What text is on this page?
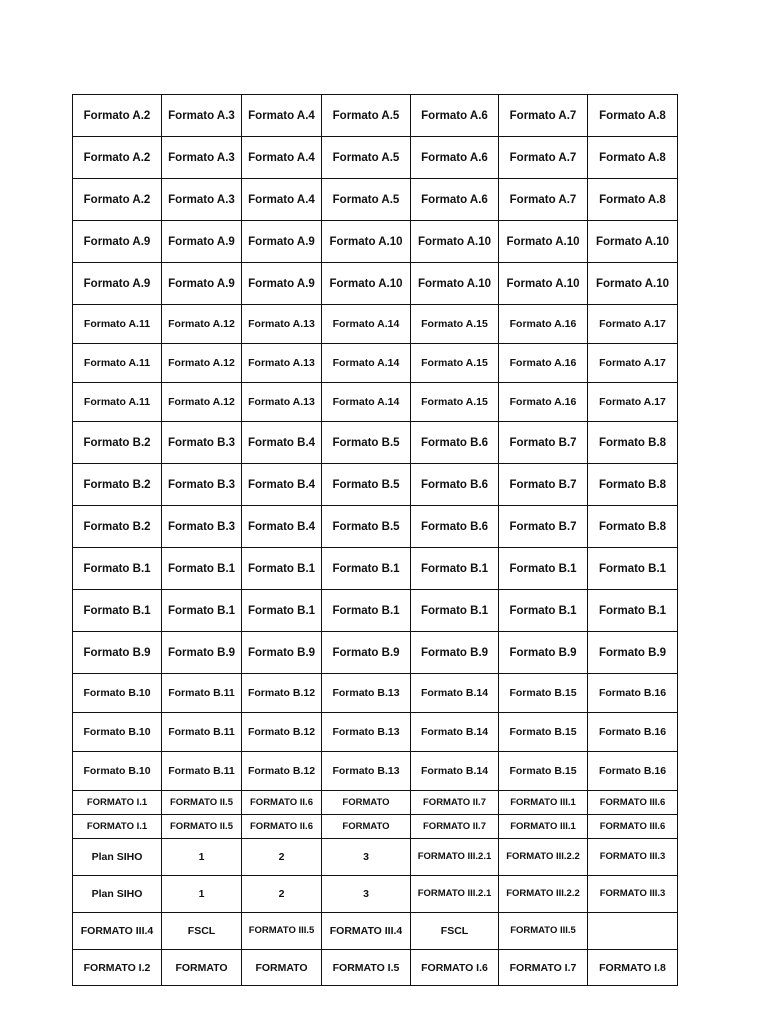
Formato A.2	Formato A.3	Formato A.4	Formato A.5	Formato A.6	Formato A.7	Formato A.8
Formato A.2	Formato A.3	Formato A.4	Formato A.5	Formato A.6	Formato A.7	Formato A.8
Formato A.2	Formato A.3	Formato A.4	Formato A.5	Formato A.6	Formato A.7	Formato A.8
Formato A.9	Formato A.9	Formato A.9	Formato A.10	Formato A.10	Formato A.10	Formato A.10
Formato A.9	Formato A.9	Formato A.9	Formato A.10	Formato A.10	Formato A.10	Formato A.10
Formato A.11	Formato A.12	Formato A.13	Formato A.14	Formato A.15	Formato A.16	Formato A.17
Formato A.11	Formato A.12	Formato A.13	Formato A.14	Formato A.15	Formato A.16	Formato A.17
Formato A.11	Formato A.12	Formato A.13	Formato A.14	Formato A.15	Formato A.16	Formato A.17
Formato B.2	Formato B.3	Formato B.4	Formato B.5	Formato B.6	Formato B.7	Formato B.8
Formato B.2	Formato B.3	Formato B.4	Formato B.5	Formato B.6	Formato B.7	Formato B.8
Formato B.2	Formato B.3	Formato B.4	Formato B.5	Formato B.6	Formato B.7	Formato B.8
Formato B.1	Formato B.1	Formato B.1	Formato B.1	Formato B.1	Formato B.1	Formato B.1
Formato B.1	Formato B.1	Formato B.1	Formato B.1	Formato B.1	Formato B.1	Formato B.1
Formato B.9	Formato B.9	Formato B.9	Formato B.9	Formato B.9	Formato B.9	Formato B.9
Formato B.10	Formato B.11	Formato B.12	Formato B.13	Formato B.14	Formato B.15	Formato B.16
Formato B.10	Formato B.11	Formato B.12	Formato B.13	Formato B.14	Formato B.15	Formato B.16
Formato B.10	Formato B.11	Formato B.12	Formato B.13	Formato B.14	Formato B.15	Formato B.16
FORMATO I.1	FORMATO II.5	FORMATO II.6	FORMATO	FORMATO II.7	FORMATO III.1	FORMATO III.6
FORMATO I.1	FORMATO II.5	FORMATO II.6	FORMATO	FORMATO II.7	FORMATO III.1	FORMATO III.6
Plan SIHO	1	2	3	FORMATO III.2.1	FORMATO III.2.2	FORMATO III.3
Plan SIHO	1	2	3	FORMATO III.2.1	FORMATO III.2.2	FORMATO III.3
FORMATO III.4	FSCL	FORMATO III.5	FORMATO III.4	FSCL	FORMATO III.5	
FORMATO I.2	FORMATO	FORMATO	FORMATO I.5	FORMATO I.6	FORMATO I.7	FORMATO I.8
